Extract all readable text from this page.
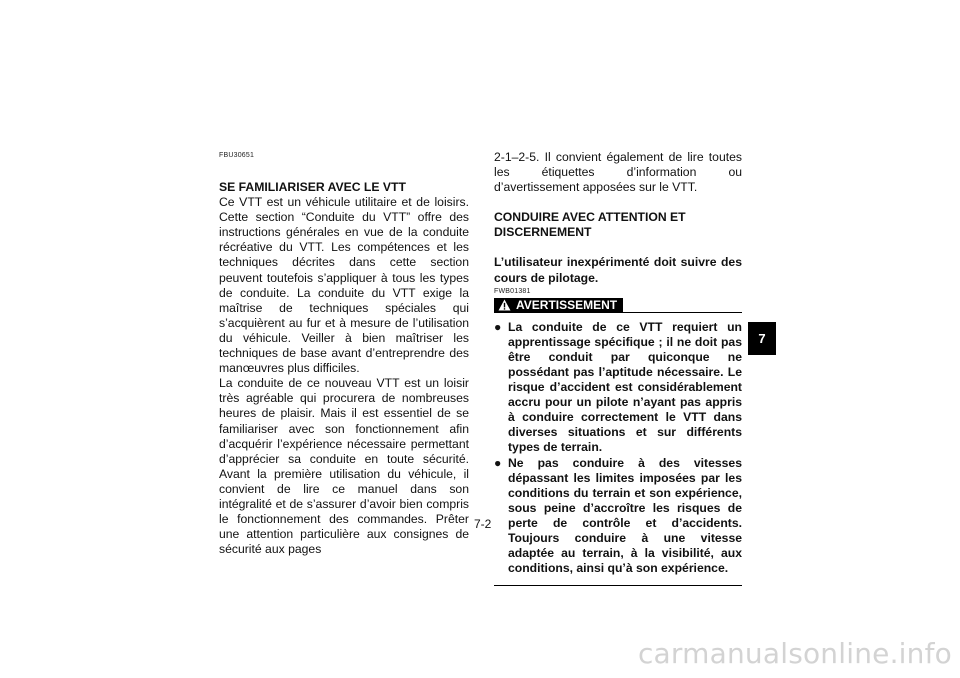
FBU30651

SE FAMILIARISER AVEC LE VTT

Ce VTT est un véhicule utilitaire et de loisirs. Cette section “Conduite du VTT” offre des instructions générales en vue de la conduite récréative du VTT. Les compétences et les techniques décrites dans cette section peuvent toutefois s’appliquer à tous les types de conduite. La conduite du VTT exige la maîtrise de techniques spéciales qui s’acquièrent au fur et à mesure de l’utilisation du véhicule. Veiller à bien maîtriser les techniques de base avant d’entreprendre des manœuvres plus difficiles.

La conduite de ce nouveau VTT est un loisir très agréable qui procurera de nombreuses heures de plaisir. Mais il est essentiel de se familiariser avec son fonctionnement afin d’acquérir l’expérience nécessaire permettant d’apprécier sa conduite en toute sécurité. Avant la première utilisation du véhicule, il convient de lire ce manuel dans son intégralité et de s’assurer d’avoir bien compris le fonctionnement des commandes. Prêter une attention particulière aux consignes de sécurité aux pages

2-1–2-5. Il convient également de lire toutes les étiquettes d’information ou d’avertissement apposées sur le VTT.

CONDUIRE AVEC ATTENTION ET DISCERNEMENT

L’utilisateur inexpérimenté doit suivre des cours de pilotage.

FWB01381
AVERTISSEMENT
● La conduite de ce VTT requiert un apprentissage spécifique ; il ne doit pas être conduit par quiconque ne possédant pas l’aptitude nécessaire. Le risque d’accident est considérablement accru pour un pilote n’ayant pas appris à conduire correctement le VTT dans diverses situations et sur différents types de terrain.
● Ne pas conduire à des vitesses dépassant les limites imposées par les conditions du terrain et son expérience, sous peine d’accroître les risques de perte de contrôle et d’accidents. Toujours conduire à une vitesse adaptée au terrain, à la visibilité, aux conditions, ainsi qu’à son expérience.
7
7-2
carmanualsonline.info
